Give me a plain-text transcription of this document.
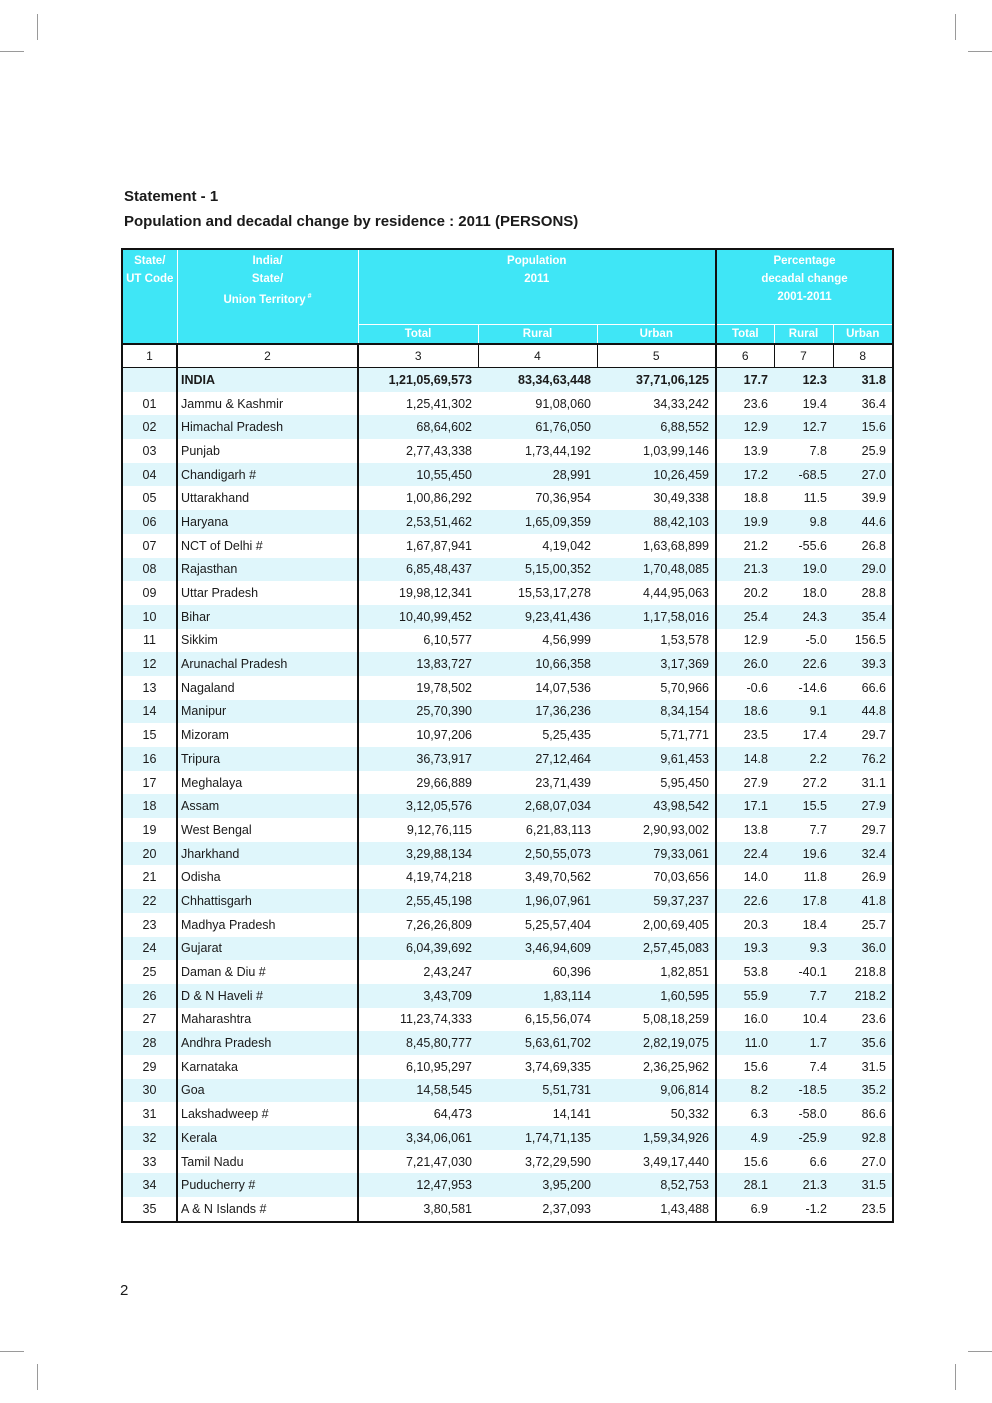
Statement - 1
Population and decadal change by residence : 2011 (PERSONS)
State/
UT Code

India/
State/
Union Territory #

Population
2011

Percentage
decadal change
2001-2011

		Total	Rural	Urban	Total	Rural	Urban
1	2	3	4	5	6	7	8
	INDIA	1,21,05,69,573	83,34,63,448	37,71,06,125	17.7	12.3	31.8
01	Jammu & Kashmir	1,25,41,302	91,08,060	34,33,242	23.6	19.4	36.4
02	Himachal Pradesh	68,64,602	61,76,050	6,88,552	12.9	12.7	15.6
03	Punjab	2,77,43,338	1,73,44,192	1,03,99,146	13.9	7.8	25.9
04	Chandigarh #	10,55,450	28,991	10,26,459	17.2	-68.5	27.0
05	Uttarakhand	1,00,86,292	70,36,954	30,49,338	18.8	11.5	39.9
06	Haryana	2,53,51,462	1,65,09,359	88,42,103	19.9	9.8	44.6
07	NCT of Delhi #	1,67,87,941	4,19,042	1,63,68,899	21.2	-55.6	26.8
08	Rajasthan	6,85,48,437	5,15,00,352	1,70,48,085	21.3	19.0	29.0
09	Uttar Pradesh	19,98,12,341	15,53,17,278	4,44,95,063	20.2	18.0	28.8
10	Bihar	10,40,99,452	9,23,41,436	1,17,58,016	25.4	24.3	35.4
11	Sikkim	6,10,577	4,56,999	1,53,578	12.9	-5.0	156.5
12	Arunachal Pradesh	13,83,727	10,66,358	3,17,369	26.0	22.6	39.3
13	Nagaland	19,78,502	14,07,536	5,70,966	-0.6	-14.6	66.6
14	Manipur	25,70,390	17,36,236	8,34,154	18.6	9.1	44.8
15	Mizoram	10,97,206	5,25,435	5,71,771	23.5	17.4	29.7
16	Tripura	36,73,917	27,12,464	9,61,453	14.8	2.2	76.2
17	Meghalaya	29,66,889	23,71,439	5,95,450	27.9	27.2	31.1
18	Assam	3,12,05,576	2,68,07,034	43,98,542	17.1	15.5	27.9
19	West Bengal	9,12,76,115	6,21,83,113	2,90,93,002	13.8	7.7	29.7
20	Jharkhand	3,29,88,134	2,50,55,073	79,33,061	22.4	19.6	32.4
21	Odisha	4,19,74,218	3,49,70,562	70,03,656	14.0	11.8	26.9
22	Chhattisgarh	2,55,45,198	1,96,07,961	59,37,237	22.6	17.8	41.8
23	Madhya Pradesh	7,26,26,809	5,25,57,404	2,00,69,405	20.3	18.4	25.7
24	Gujarat	6,04,39,692	3,46,94,609	2,57,45,083	19.3	9.3	36.0
25	Daman & Diu #	2,43,247	60,396	1,82,851	53.8	-40.1	218.8
26	D & N Haveli #	3,43,709	1,83,114	1,60,595	55.9	7.7	218.2
27	Maharashtra	11,23,74,333	6,15,56,074	5,08,18,259	16.0	10.4	23.6
28	Andhra Pradesh	8,45,80,777	5,63,61,702	2,82,19,075	11.0	1.7	35.6
29	Karnataka	6,10,95,297	3,74,69,335	2,36,25,962	15.6	7.4	31.5
30	Goa	14,58,545	5,51,731	9,06,814	8.2	-18.5	35.2
31	Lakshadweep #	64,473	14,141	50,332	6.3	-58.0	86.6
32	Kerala	3,34,06,061	1,74,71,135	1,59,34,926	4.9	-25.9	92.8
33	Tamil Nadu	7,21,47,030	3,72,29,590	3,49,17,440	15.6	6.6	27.0
34	Puducherry #	12,47,953	3,95,200	8,52,753	28.1	21.3	31.5
35	A & N Islands #	3,80,581	2,37,093	1,43,488	6.9	-1.2	23.5
2
